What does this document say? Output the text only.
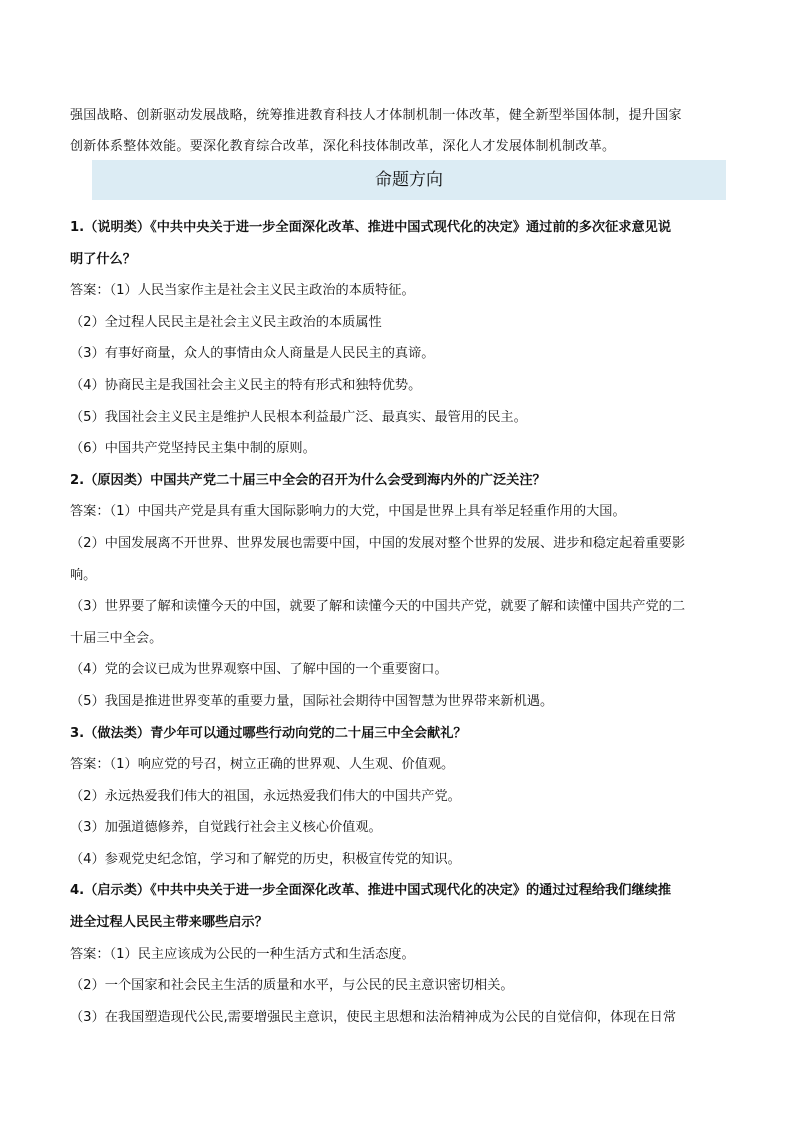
强国战略、创新驱动发展战略，统筹推进教育科技人才体制机制一体改革，健全新型举国体制，提升国家

创新体系整体效能。要深化教育综合改革，深化科技体制改革，深化人才发展体制机制改革。

命题方向

1.（说明类）《中共中央关于进一步全面深化改革、推进中国式现代化的决定》通过前的多次征求意见说

明了什么？

答案：（1）人民当家作主是社会主义民主政治的本质特征。

（2）全过程人民民主是社会主义民主政治的本质属性

（3）有事好商量，众人的事情由众人商量是人民民主的真谛。

（4）协商民主是我国社会主义民主的特有形式和独特优势。

（5）我国社会主义民主是维护人民根本利益最广泛、最真实、最管用的民主。

（6）中国共产党坚持民主集中制的原则。

2.（原因类）中国共产党二十届三中全会的召开为什么会受到海内外的广泛关注？

答案：（1）中国共产党是具有重大国际影响力的大党，中国是世界上具有举足轻重作用的大国。

（2）中国发展离不开世界、世界发展也需要中国，中国的发展对整个世界的发展、进步和稳定起着重要影

响。

（3）世界要了解和读懂今天的中国，就要了解和读懂今天的中国共产党，就要了解和读懂中国共产党的二

十届三中全会。

（4）党的会议已成为世界观察中国、了解中国的一个重要窗口。

（5）我国是推进世界变革的重要力量，国际社会期待中国智慧为世界带来新机遇。

3.（做法类）青少年可以通过哪些行动向党的二十届三中全会献礼？

答案：（1）响应党的号召，树立正确的世界观、人生观、价值观。

（2）永远热爱我们伟大的祖国，永远热爱我们伟大的中国共产党。

（3）加强道德修养，自觉践行社会主义核心价值观。

（4）参观党史纪念馆，学习和了解党的历史，积极宣传党的知识。

4.（启示类）《中共中央关于进一步全面深化改革、推进中国式现代化的决定》的通过过程给我们继续推

进全过程人民民主带来哪些启示？

答案：（1）民主应该成为公民的一种生活方式和生活态度。

（2）一个国家和社会民主生活的质量和水平，与公民的民主意识密切相关。

（3）在我国塑造现代公民,需要增强民主意识，使民主思想和法治精神成为公民的自觉信仰，体现在日常
